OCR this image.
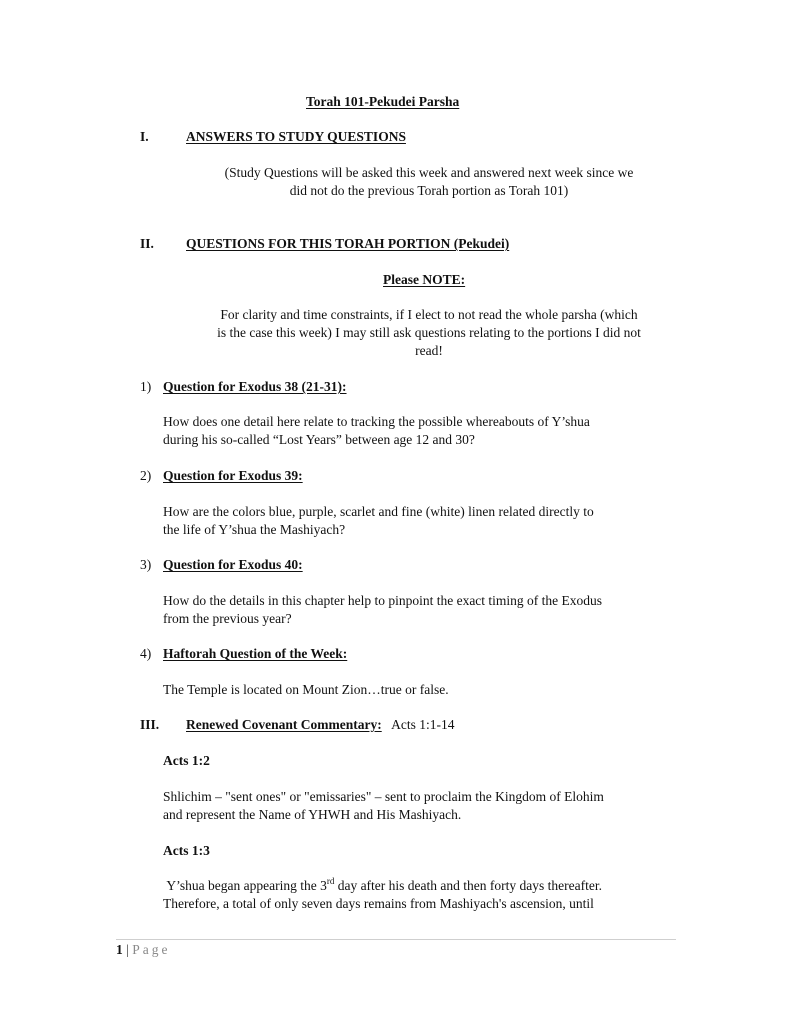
Torah 101-Pekudei Parsha
I.	ANSWERS TO STUDY QUESTIONS
(Study Questions will be asked this week and answered next week since we
did not do the previous Torah portion as Torah 101)
II. QUESTIONS FOR THIS TORAH PORTION (Pekudei)
Please NOTE:
For clarity and time constraints, if I elect to not read the whole parsha (which
is the case this week) I may still ask questions relating to the portions I did not
read!
1) Question for Exodus 38 (21-31):
How does one detail here relate to tracking the possible whereabouts of Y’shua
during his so-called “Lost Years” between age 12 and 30?
2) Question for Exodus 39:
How are the colors blue, purple, scarlet and fine (white) linen related directly to
the life of Y’shua the Mashiyach?
3) Question for Exodus 40:
How do the details in this chapter help to pinpoint the exact timing of the Exodus
from the previous year?
4) Haftorah Question of the Week:
The Temple is located on Mount Zion…true or false.
III. Renewed Covenant Commentary: Acts 1:1-14
Acts 1:2
Shlichim – "sent ones" or "emissaries" – sent to proclaim the Kingdom of Elohim
and represent the Name of YHWH and His Mashiyach.
Acts 1:3
Y’shua began appearing the 3rd day after his death and then forty days thereafter.
Therefore, a total of only seven days remains from Mashiyach's ascension, until
1 | Page
